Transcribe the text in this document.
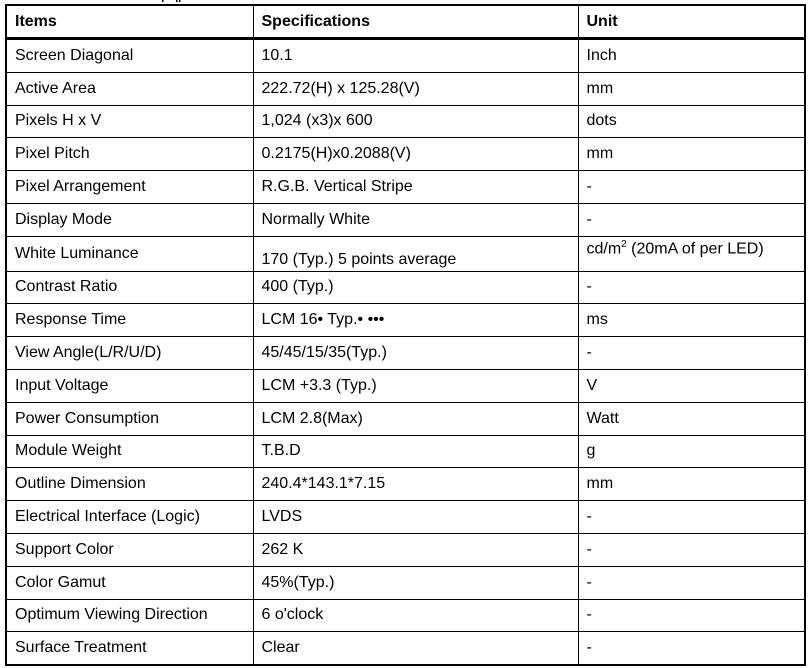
Items	Specifications	Unit
Screen Diagonal	10.1	Inch
Active Area	222.72(H) x 125.28(V)	mm
Pixels H x V	1,024 (x3)x 600	dots
Pixel Pitch	0.2175(H)x0.2088(V)	mm
Pixel Arrangement	R.G.B. Vertical Stripe	-
Display Mode	Normally White	-
White Luminance	170 (Typ.) 5 points average	$cd/m^2$ (20mA of per LED)
Contrast Ratio	400 (Typ.)	-
Response Time	LCM 16• Typ.• •••	ms
View Angle(L/R/U/D)	45/45/15/35(Typ.)	-
Input Voltage	LCM +3.3 (Typ.)	V
Power Consumption	LCM 2.8(Max)	Watt
Module Weight	T.B.D	g
Outline Dimension	240.4*143.1*7.15	mm
Electrical Interface (Logic)	LVDS	-
Support Color	262 K	-
Color Gamut	45%(Typ.)	-
Optimum Viewing Direction	6 o'clock	-
Surface Treatment	Clear	-
